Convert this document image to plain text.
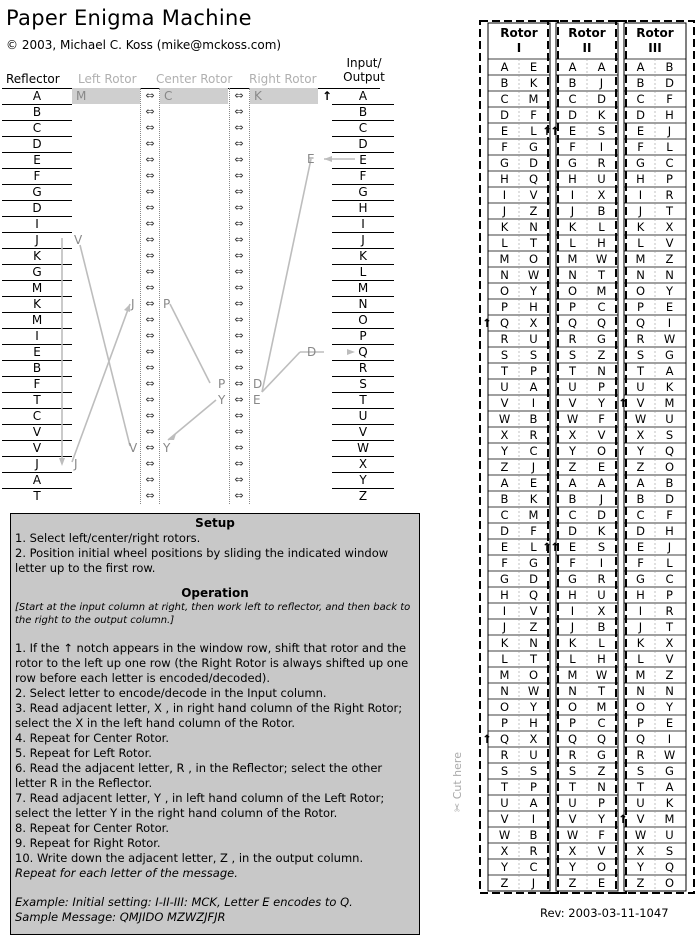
Paper Enigma Machine
© 2003, Michael C. Koss (mike@mckoss.com)
Reflector Left Rotor Center Rotor Right Rotor
Input/
Output
M	C	K	↑
A	A
⇔	⇔
B	B
⇔	⇔
C	C
⇔	⇔
D	D
⇔	⇔
E	E
⇔	⇔
F	F
⇔	⇔
G	G
⇔	⇔
D	H
⇔	⇔
I	I
⇔	⇔
J	J
⇔	⇔
K	K
⇔	⇔
G	L
⇔	⇔
M	M
⇔	⇔
K	N
⇔	⇔
M	O
⇔	⇔
I	P
⇔	⇔
E	Q
⇔	⇔
B	R
⇔	⇔
F	S
⇔	⇔
T	T
⇔	⇔
C	U
⇔	⇔
V	V
⇔	⇔
V	W
⇔	⇔
J	X
⇔	⇔
A	Y
⇔	⇔
T	Z
⇔	⇔
E
D
D
E
P
Y
P
Y
J
V
V
J
Setup

1. Select left/center/right rotors.

2. Position initial wheel positions by sliding the indicated window letter up to the first row.

Operation

[Start at the input column at right, then work left to reflector, and then back to the right to the output column.]

1. If the ↑ notch appears in the window row, shift that rotor and the rotor to the left up one row (the Right Rotor is always shifted up one row before each letter is encoded/decoded).

2. Select letter to encode/decode in the Input column.

3. Read adjacent letter, X , in right hand column of the Right Rotor; select the X in the left hand column of the Rotor.

4. Repeat for Center Rotor.

5. Repeat for Left Rotor.

6. Read the adjacent letter, R , in the Reflector; select the other letter R in the Reflector.

7. Read adjacent letter, Y , in left hand column of the Left Rotor; select the letter Y in the right hand column of the Rotor.

8. Repeat for Center Rotor.

9. Repeat for Right Rotor.

10. Write down the adjacent letter, Z , in the output column.

Repeat for each letter of the message.

Example: Initial setting: I-II-III: MCK, Letter E encodes to Q.

Sample Message: QMJIDO MZWZJFJR

Rotor
I
A	E
B	K
C	M
D	F
E	L
F	G
G	D
H	Q
I	V
J	Z
K	N
L	T
M	O
N	W
O	Y
P	H
Q	X
R	U
S	S
T	P
U	A
V	I
W	B
X	R
Y	C
Z	J
A	E
B	K
C	M
D	F
E	L
F	G
G	D
H	Q
I	V
J	Z
K	N
L	T
M	O
N	W
O	Y
P	H
Q	X
R	U
S	S
T	P
U	A
V	I
W	B
X	R
Y	C
Z	J
Rotor
II
A	A
B	J
C	D
D	K
E	S
F	I
G	R
H	U
I	X
J	B
K	L
L	H
M	W
N	T
O	M
P	C
Q	Q
R	G
S	Z
T	N
U	P
V	Y
W	F
X	V
Y	O
Z	E
A	A
B	J
C	D
D	K
E	S
F	I
G	R
H	U
I	X
J	B
K	L
L	H
M	W
N	T
O	M
P	C
Q	Q
R	G
S	Z
T	N
U	P
V	Y
W	F
X	V
Y	O
Z	E
Rotor
III
A	B
B	D
C	F
D	H
E	J
F	L
G	C
H	P
I	R
J	T
K	X
L	V
M	Z
N	N
O	Y
P	E
Q	I
R	W
S	G
T	A
U	K
V	M
W	U
X	S
Y	Q
Z	O
A	B
B	D
C	F
D	H
E	J
F	L
G	C
H	P
I	R
J	T
K	X
L	V
M	Z
N	N
O	Y
P	E
Q	I
R	W
S	G
T	A
U	K
V	M
W	U
X	S
Y	Q
Z	O
↑
↑
↑
↑
↑
↑
↑
↑
✂ Cut here
Rev: 2003-03-11-1047
